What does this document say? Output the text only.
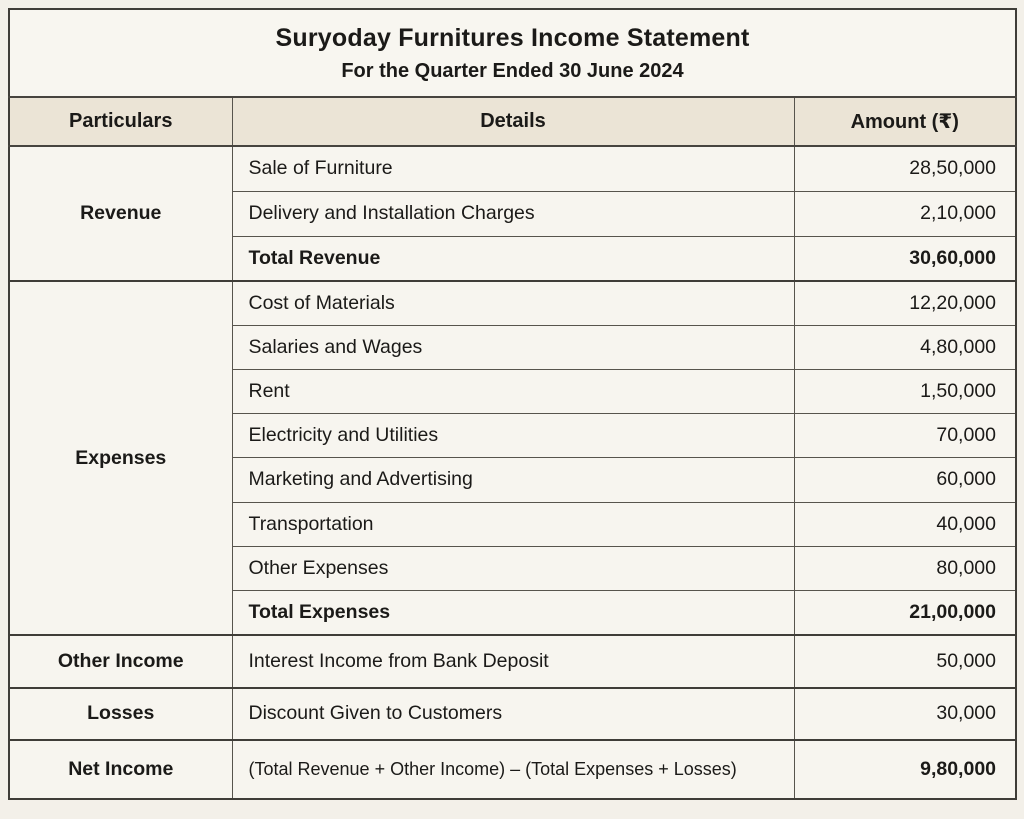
Suryoday Furnitures Income Statement
For the Quarter Ended 30 June 2024		

Particulars	Details	Amount (₹)
Revenue	Sale of Furniture	28,50,000
	Delivery and Installation Charges	2,10,000
	Total Revenue	30,60,000
Expenses	Cost of Materials	12,20,000
	Salaries and Wages	4,80,000
	Rent	1,50,000
	Electricity and Utilities	70,000
	Marketing and Advertising	60,000
	Transportation	40,000
	Other Expenses	80,000
	Total Expenses	21,00,000
Other Income	Interest Income from Bank Deposit	50,000
Losses	Discount Given to Customers	30,000
Net Income	(Total Revenue + Other Income) – (Total Expenses + Losses)	9,80,000
